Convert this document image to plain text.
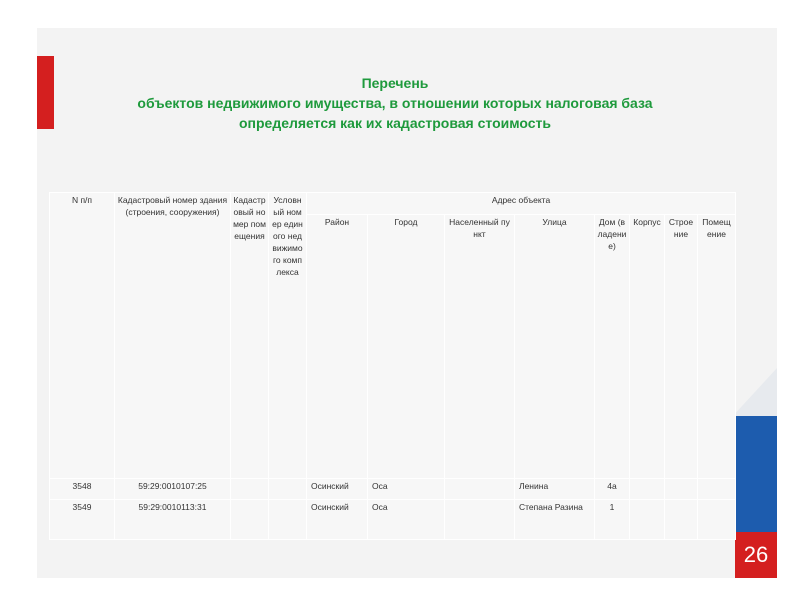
26
Перечень
объектов недвижимого имущества, в отношении которых налоговая база
определяется как их кадастровая стоимость
N п/п	Кадастровый номер здания (строения, сооружения)	Кадастровый номер помещения	Условный номер единого недвижимого комплекса	Адрес объекта							
				Район	Город	Населенный пункт	Улица	Дом (владение)	Корпус	Строение	Помещение
3548	59:29:0010107:25			Осинский	Оса		Ленина	4а			
3549	59:29:0010113:31			Осинский	Оса		Степана Разина	1			
